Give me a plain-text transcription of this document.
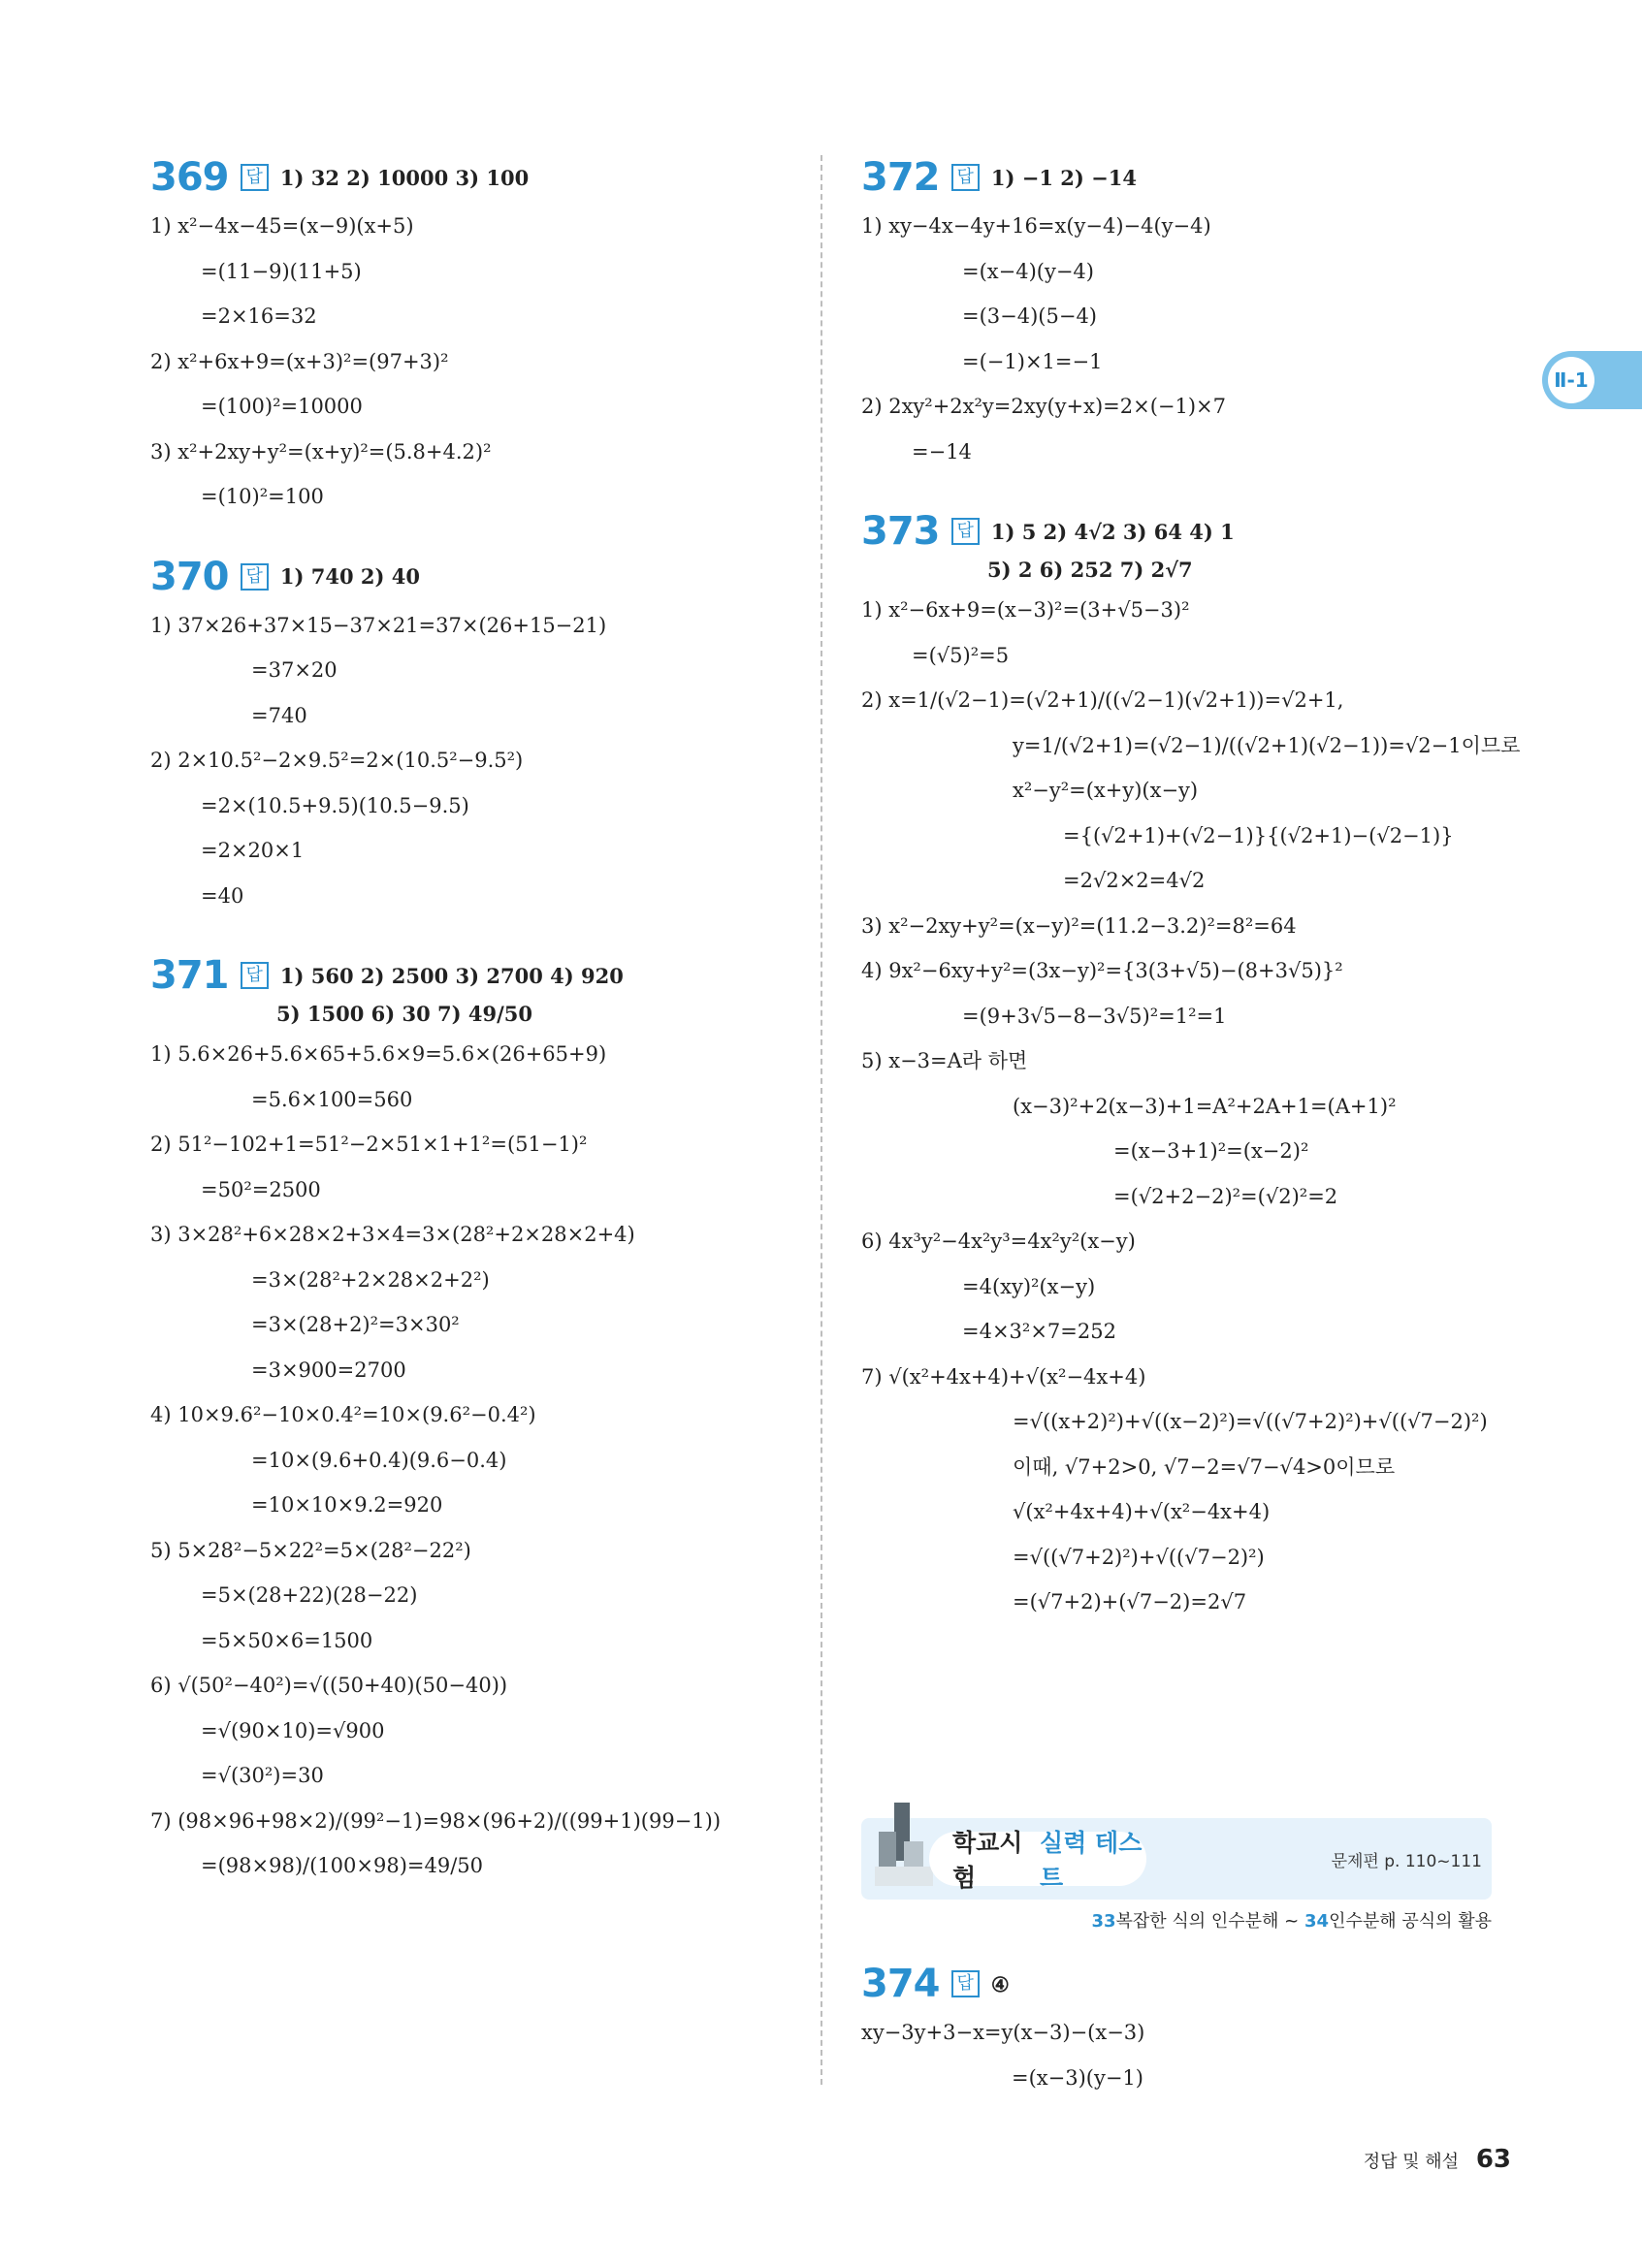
Ⅱ-1
369	답 1) 32 2) 10000 3) 100
1) x²−4x−45=(x−9)(x+5)
=(11−9)(11+5)
=2×16=32
2) x²+6x+9=(x+3)²=(97+3)²
=(100)²=10000
3) x²+2xy+y²=(x+y)²=(5.8+4.2)²
=(10)²=100
370	답 1) 740 2) 40
1) 37×26+37×15−37×21=37×(26+15−21)
=37×20
=740
2) 2×10.5²−2×9.5²=2×(10.5²−9.5²)
=2×(10.5+9.5)(10.5−9.5)
=2×20×1
=40
371	답 1) 560 2) 2500 3) 2700 4) 920
5) 1500 6) 30 7) 49/50
1) 5.6×26+5.6×65+5.6×9=5.6×(26+65+9)
=5.6×100=560
2) 51²−102+1=51²−2×51×1+1²=(51−1)²
=50²=2500
3) 3×28²+6×28×2+3×4=3×(28²+2×28×2+4)
=3×(28²+2×28×2+2²)
=3×(28+2)²=3×30²
=3×900=2700
4) 10×9.6²−10×0.4²=10×(9.6²−0.4²)
=10×(9.6+0.4)(9.6−0.4)
=10×10×9.2=920
5) 5×28²−5×22²=5×(28²−22²)
=5×(28+22)(28−22)
=5×50×6=1500
6) √(50²−40²)=√((50+40)(50−40))
=√(90×10)=√900
=√(30²)=30
7) (98×96+98×2)/(99²−1)=98×(96+2)/((99+1)(99−1))
=(98×98)/(100×98)=49/50
372	답 1) −1 2) −14
1) xy−4x−4y+16=x(y−4)−4(y−4)
=(x−4)(y−4)
=(3−4)(5−4)
=(−1)×1=−1
2) 2xy²+2x²y=2xy(y+x)=2×(−1)×7
=−14
373	답 1) 5 2) 4√2 3) 64 4) 1
5) 2 6) 252 7) 2√7
1) x²−6x+9=(x−3)²=(3+√5−3)²
=(√5)²=5
2) x=1/(√2−1)=(√2+1)/((√2−1)(√2+1))=√2+1,
y=1/(√2+1)=(√2−1)/((√2+1)(√2−1))=√2−1이므로
x²−y²=(x+y)(x−y)
={(√2+1)+(√2−1)}{(√2+1)−(√2−1)}
=2√2×2=4√2
3) x²−2xy+y²=(x−y)²=(11.2−3.2)²=8²=64
4) 9x²−6xy+y²=(3x−y)²={3(3+√5)−(8+3√5)}²
=(9+3√5−8−3√5)²=1²=1
5) x−3=A라 하면
(x−3)²+2(x−3)+1=A²+2A+1=(A+1)²
=(x−3+1)²=(x−2)²
=(√2+2−2)²=(√2)²=2
6) 4x³y²−4x²y³=4x²y²(x−y)
=4(xy)²(x−y)
=4×3²×7=252
7) √(x²+4x+4)+√(x²−4x+4)
=√((x+2)²)+√((x−2)²)=√((√7+2)²)+√((√7−2)²)
이때, √7+2>0, √7−2=√7−√4>0이므로
√(x²+4x+4)+√(x²−4x+4)
=√((√7+2)²)+√((√7−2)²)
=(√7+2)+(√7−2)=2√7
학교시험
실력 테스트
문제편 p. 110~111
33복잡한 식의 인수분해 ~ 34인수분해 공식의 활용
374	답 ④
xy−3y+3−x=y(x−3)−(x−3)
=(x−3)(y−1)
정답 및 해설 63
